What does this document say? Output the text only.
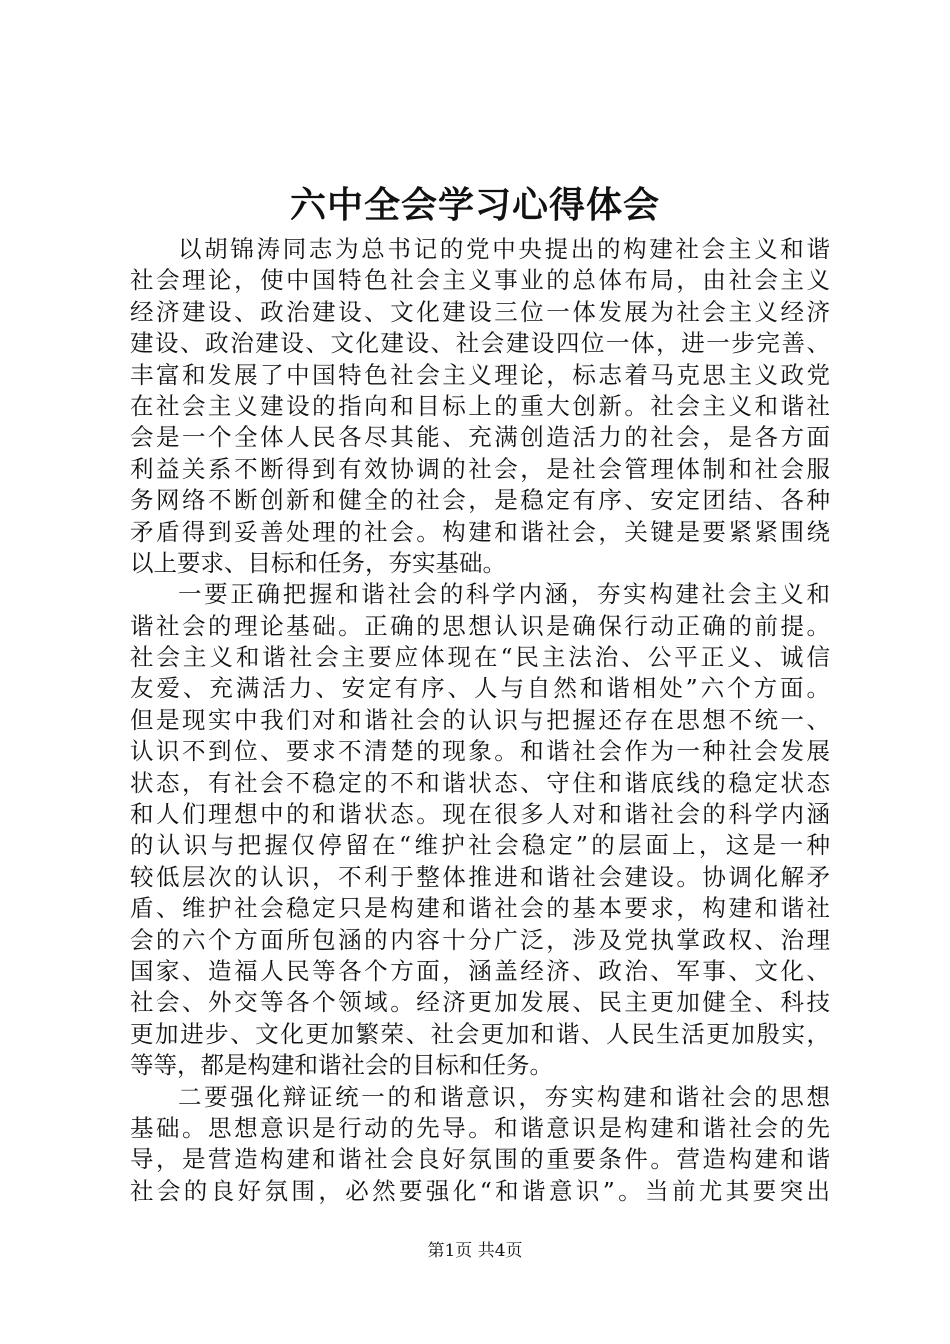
六中全会学习心得体会
以胡锦涛同志为总书记的党中央提出的构建社会主义和谐
社会理论，使中国特色社会主义事业的总体布局，由社会主义
经济建设、政治建设、文化建设三位一体发展为社会主义经济
建设、政治建设、文化建设、社会建设四位一体，进一步完善、
丰富和发展了中国特色社会主义理论，标志着马克思主义政党
在社会主义建设的指向和目标上的重大创新。社会主义和谐社
会是一个全体人民各尽其能、充满创造活力的社会，是各方面
利益关系不断得到有效协调的社会，是社会管理体制和社会服
务网络不断创新和健全的社会，是稳定有序、安定团结、各种
矛盾得到妥善处理的社会。构建和谐社会，关键是要紧紧围绕
以上要求、目标和任务，夯实基础。
一要正确把握和谐社会的科学内涵，夯实构建社会主义和
谐社会的理论基础。正确的思想认识是确保行动正确的前提。
社会主义和谐社会主要应体现在“民主法治、公平正义、诚信
友爱、充满活力、安定有序、人与自然和谐相处”六个方面。
但是现实中我们对和谐社会的认识与把握还存在思想不统一、
认识不到位、要求不清楚的现象。和谐社会作为一种社会发展
状态，有社会不稳定的不和谐状态、守住和谐底线的稳定状态
和人们理想中的和谐状态。现在很多人对和谐社会的科学内涵
的认识与把握仅停留在“维护社会稳定”的层面上，这是一种
较低层次的认识，不利于整体推进和谐社会建设。协调化解矛
盾、维护社会稳定只是构建和谐社会的基本要求，构建和谐社
会的六个方面所包涵的内容十分广泛，涉及党执掌政权、治理
国家、造福人民等各个方面，涵盖经济、政治、军事、文化、
社会、外交等各个领域。经济更加发展、民主更加健全、科技
更加进步、文化更加繁荣、社会更加和谐、人民生活更加殷实，
等等，都是构建和谐社会的目标和任务。
二要强化辩证统一的和谐意识，夯实构建和谐社会的思想
基础。思想意识是行动的先导。和谐意识是构建和谐社会的先
导，是营造构建和谐社会良好氛围的重要条件。营造构建和谐
社会的良好氛围，必然要强化“和谐意识”。当前尤其要突出
第1页 共4页
